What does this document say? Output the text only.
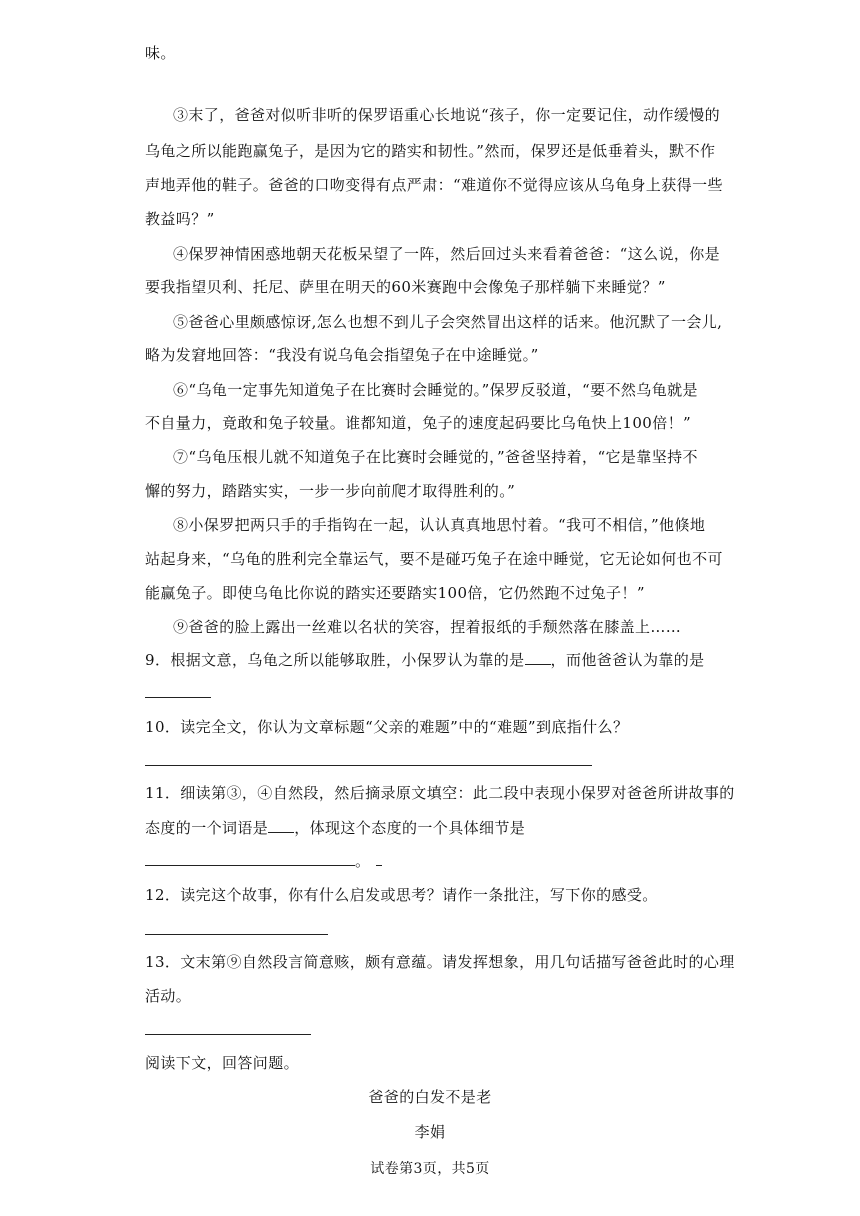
味。
③末了，爸爸对似听非听的保罗语重心长地说“孩子，你一定要记住，动作缓慢的
乌龟之所以能跑赢兔子，是因为它的踏实和韧性。”然而，保罗还是低垂着头，默不作
声地弄他的鞋子。爸爸的口吻变得有点严肃：“难道你不觉得应该从乌龟身上获得一些
教益吗？”
④保罗神情困惑地朝天花板呆望了一阵，然后回过头来看着爸爸：“这么说，你是
要我指望贝利、托尼、萨里在明天的60米赛跑中会像兔子那样躺下来睡觉？”
⑤爸爸心里颇感惊讶,怎么也想不到儿子会突然冒出这样的话来。他沉默了一会儿,
略为发窘地回答：“我没有说乌龟会指望兔子在中途睡觉。”
⑥“乌龟一定事先知道兔子在比赛时会睡觉的。”保罗反驳道，“要不然乌龟就是
不自量力，竟敢和兔子较量。谁都知道，兔子的速度起码要比乌龟快上100倍！”
⑦“乌龟压根儿就不知道兔子在比赛时会睡觉的，”爸爸坚持着，“它是靠坚持不
懈的努力，踏踏实实，一步一步向前爬才取得胜利的。”
⑧小保罗把两只手的手指钩在一起，认认真真地思忖着。“我可不相信，”他倏地
站起身来，“乌龟的胜利完全靠运气，要不是碰巧兔子在途中睡觉，它无论如何也不可
能赢兔子。即使乌龟比你说的踏实还要踏实100倍，它仍然跑不过兔子！”
⑨爸爸的脸上露出一丝难以名状的笑容，捏着报纸的手颓然落在膝盖上……
9．根据文意，乌龟之所以能够取胜，小保罗认为靠的是 ，而他爸爸认为靠的是
10．读完全文，你认为文章标题“父亲的难题”中的“难题”到底指什么？
11．细读第③，④自然段，然后摘录原文填空：此二段中表现小保罗对爸爸所讲故事的
态度的一个词语是 ，体现这个态度的一个具体细节是
。
12．读完这个故事，你有什么启发或思考？请作一条批注，写下你的感受。
13．文末第⑨自然段言简意赅，颇有意蕴。请发挥想象，用几句话描写爸爸此时的心理
活动。
阅读下文，回答问题。
爸爸的白发不是老
李娟
试卷第3页，共5页
